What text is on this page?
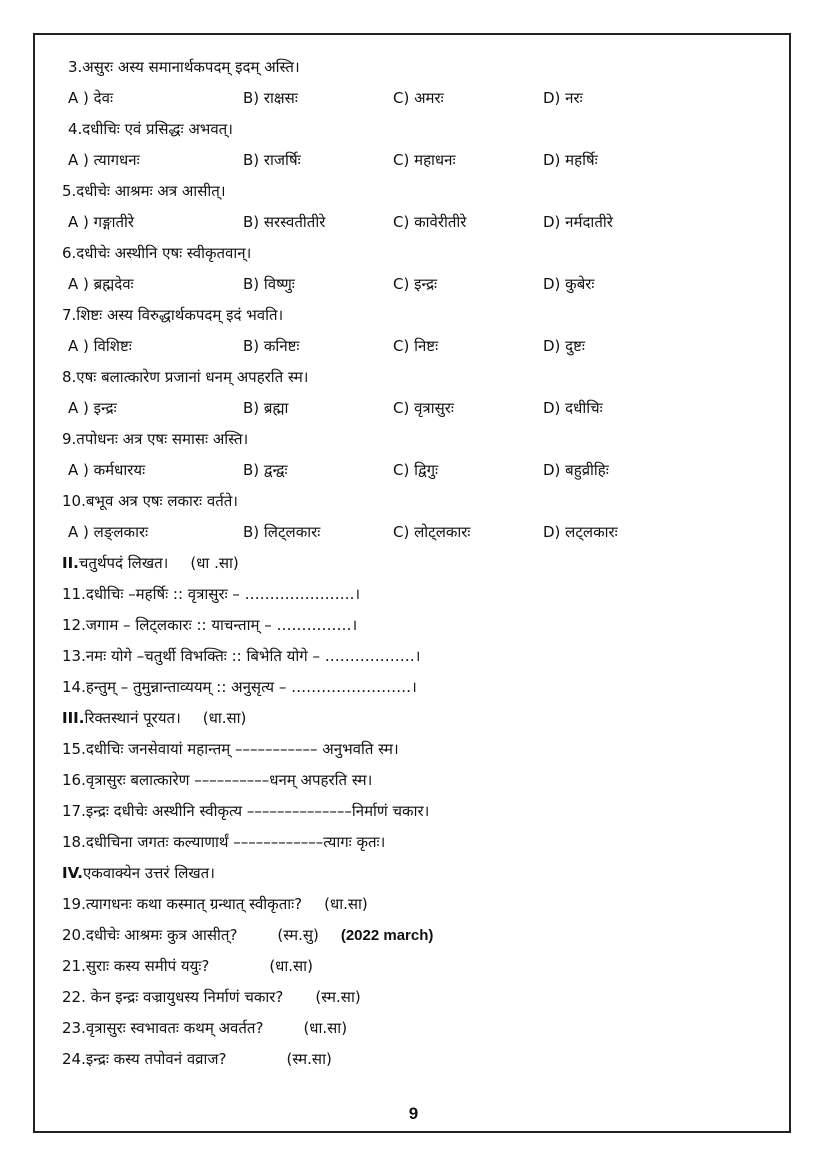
3.असुरः अस्य समानार्थकपदम् इदम् अस्ति।
A ) देवः	B) राक्षसः	C) अमरः	D) नरः
4.दधीचिः एवं प्रसिद्धः अभवत्।
A ) त्यागधनः	B) राजर्षिः	C) महाधनः	D) महर्षिः
5.दधीचेः आश्रमः अत्र आसीत्।
A ) गङ्गातीरे	B) सरस्वतीतीरे	C) कावेरीतीरे	D) नर्मदातीरे
6.दधीचेः अस्थीनि एषः स्वीकृतवान्।
A ) ब्रह्मदेवः	B) विष्णुः	C) इन्द्रः	D) कुबेरः
7.शिष्टः अस्य विरुद्धार्थकपदम् इदं भवति।
A ) विशिष्टः	B) कनिष्टः	C) निष्टः	D) दुष्टः
8.एषः बलात्कारेण प्रजानां धनम् अपहरति स्म।
A ) इन्द्रः	B) ब्रह्मा	C) वृत्रासुरः	D) दधीचिः
9.तपोधनः अत्र एषः समासः अस्ति।
A ) कर्मधारयः	B) द्वन्द्वः	C) द्विगुः	D) बहुव्रीहिः
10.बभूव अत्र एषः लकारः वर्तते।
A ) लङ्लकारः	B) लिट्लकारः	C) लोट्लकारः	D) लट्लकारः
II.चतुर्थपदं लिखत। (धा .सा)
11.दधीचिः –महर्षिः :: वृत्रासुरः – ………………….।
12.जगाम – लिट्लकारः :: याचन्ताम् – ……………।
13.नमः योगे –चतुर्थी विभक्तिः :: बिभेति योगे – ………………।
14.हन्तुम् – तुमुन्नान्ताव्ययम् :: अनुसृत्य – ……………………।
III.रिक्तस्थानं पूरयत। (धा.सा)
15.दधीचिः जनसेवायां महान्तम् ––––––––––– अनुभवति स्म।
16.वृत्रासुरः बलात्कारेण ––––––––––धनम् अपहरति स्म।
17.इन्द्रः दधीचेः अस्थीनि स्वीकृत्य ––––––––––––––निर्माणं चकार।
18.दधीचिना जगतः कल्याणार्थं ––––––––––––त्यागः कृतः।
IV.एकवाक्येन उत्तरं लिखत।
19.त्यागधनः कथा कस्मात् ग्रन्थात् स्वीकृताः? (धा.सा)
20.दधीचेः आश्रमः कुत्र आसीत्?	(स्म.सु) (2022 march)
21.सुराः कस्य समीपं ययुः?	(धा.सा)
22. केन इन्द्रः वज्रायुधस्य निर्माणं चकार? (स्म.सा)
23.वृत्रासुरः स्वभावतः कथम् अवर्तत?	(धा.सा)
24.इन्द्रः कस्य तपोवनं वव्राज?	(स्म.सा)
9
